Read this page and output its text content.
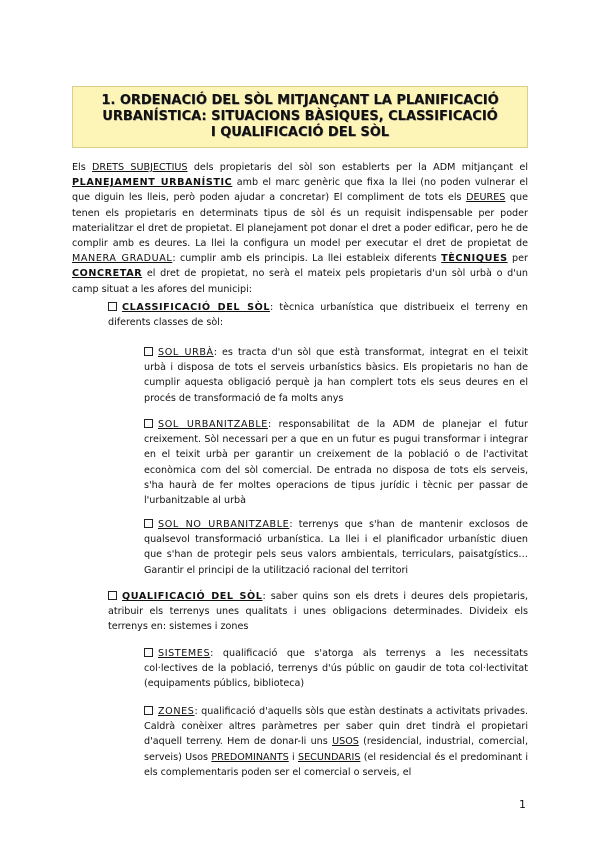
1. ORDENACIÓ DEL SÒL MITJANÇANT LA PLANIFICACIÓ
URBANÍSTICA: SITUACIONS BÀSIQUES, CLASSIFICACIÓ
I QUALIFICACIÓ DEL SÒL
Els DRETS SUBJECTIUS dels propietaris del sòl son establerts per la ADM mitjançant el PLANEJAMENT URBANÍSTIC amb el marc genèric que fixa la llei (no poden vulnerar el que diguin les lleis, però poden ajudar a concretar) El compliment de tots els DEURES que tenen els propietaris en determinats tipus de sòl és un requisit indispensable per poder materialitzar el dret de propietat. El planejament pot donar el dret a poder edificar, pero he de complir amb es deures. La llei la configura un model per executar el dret de propietat de MANERA GRADUAL: cumplir amb els principis. La llei estableix diferents TÈCNIQUES per CONCRETAR el dret de propietat, no serà el mateix pels propietaris d'un sòl urbà o d'un camp situat a les afores del municipi:
CLASSIFICACIÓ DEL SÒL: tècnica urbanística que distribueix el terreny en diferents classes de sòl:
SOL URBÀ: es tracta d'un sòl que està transformat, integrat en el teixit urbà i disposa de tots el serveis urbanístics bàsics. Els propietaris no han de cumplir aquesta obligació perquè ja han complert tots els seus deures en el procés de transformació de fa molts anys
SOL URBANITZABLE: responsabilitat de la ADM de planejar el futur creixement. Sòl necessari per a que en un futur es pugui transformar i integrar en el teixit urbà per garantir un creixement de la població o de l'activitat econòmica com del sòl comercial. De entrada no disposa de tots els serveis, s'ha haurà de fer moltes operacions de tipus jurídic i tècnic per passar de l'urbanitzable al urbà
SOL NO URBANITZABLE: terrenys que s'han de mantenir exclosos de qualsevol transformació urbanística. La llei i el planificador urbanístic diuen que s'han de protegir pels seus valors ambientals, terriculars, paisatgístics… Garantir el principi de la utilització racional del territori
QUALIFICACIÓ DEL SÒL: saber quins son els drets i deures dels propietaris, atribuir els terrenys unes qualitats i unes obligacions determinades. Divideix els terrenys en: sistemes i zones
SISTEMES: qualificació que s'atorga als terrenys a les necessitats col·lectives de la població, terrenys d'ús públic on gaudir de tota col·lectivitat (equipaments públics, biblioteca)
ZONES: qualificació d'aquells sòls que estàn destinats a activitats privades. Caldrà conèixer altres paràmetres per saber quin dret tindrà el propietari d'aquell terreny. Hem de donar-li uns USOS (residencial, industrial, comercial, serveis) Usos PREDOMINANTS i SECUNDARIS (el residencial és el predominant i els complementaris poden ser el comercial o serveis, el
1
